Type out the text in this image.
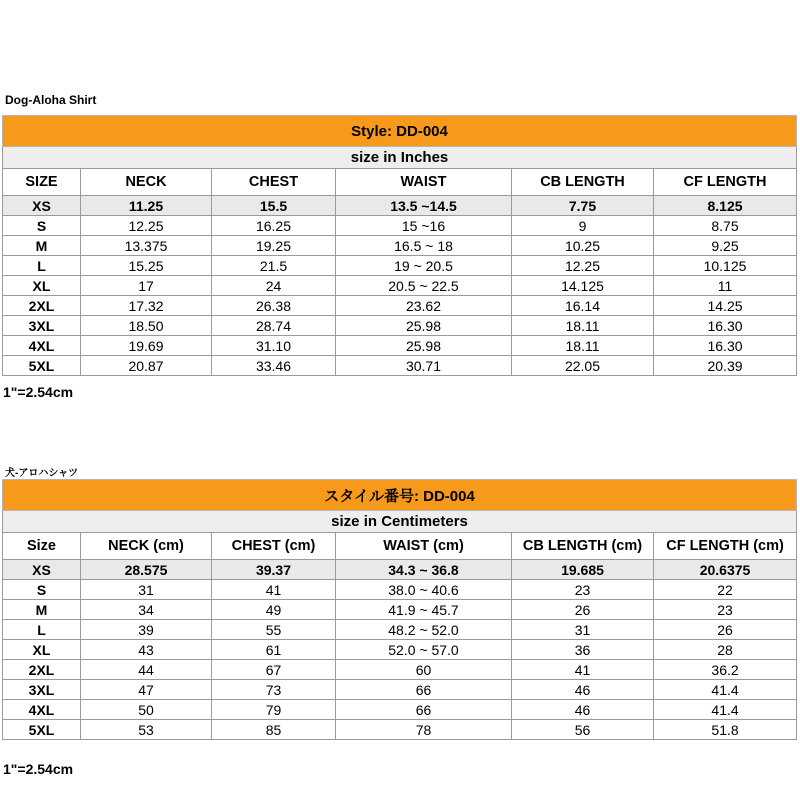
Dog-Aloha Shirt
Style: DD-004					
size in Inches					
SIZE	NECK	CHEST	WAIST	CB LENGTH	CF LENGTH
XS	11.25	15.5	13.5 ~14.5	7.75	8.125
S	12.25	16.25	15 ~16	9	8.75
M	13.375	19.25	16.5 ~ 18	10.25	9.25
L	15.25	21.5	19 ~ 20.5	12.25	10.125
XL	17	24	20.5 ~ 22.5	14.125	11
2XL	17.32	26.38	23.62	16.14	14.25
3XL	18.50	28.74	25.98	18.11	16.30
4XL	19.69	31.10	25.98	18.11	16.30
5XL	20.87	33.46	30.71	22.05	20.39
1"=2.54cm
犬-アロハシャツ
スタイル番号: DD-004					
size in Centimeters					
Size	NECK (cm)	CHEST (cm)	WAIST (cm)	CB LENGTH (cm)	CF LENGTH (cm)
XS	28.575	39.37	34.3 ~ 36.8	19.685	20.6375
S	31	41	38.0 ~ 40.6	23	22
M	34	49	41.9 ~ 45.7	26	23
L	39	55	48.2 ~ 52.0	31	26
XL	43	61	52.0 ~ 57.0	36	28
2XL	44	67	60	41	36.2
3XL	47	73	66	46	41.4
4XL	50	79	66	46	41.4
5XL	53	85	78	56	51.8
1"=2.54cm
